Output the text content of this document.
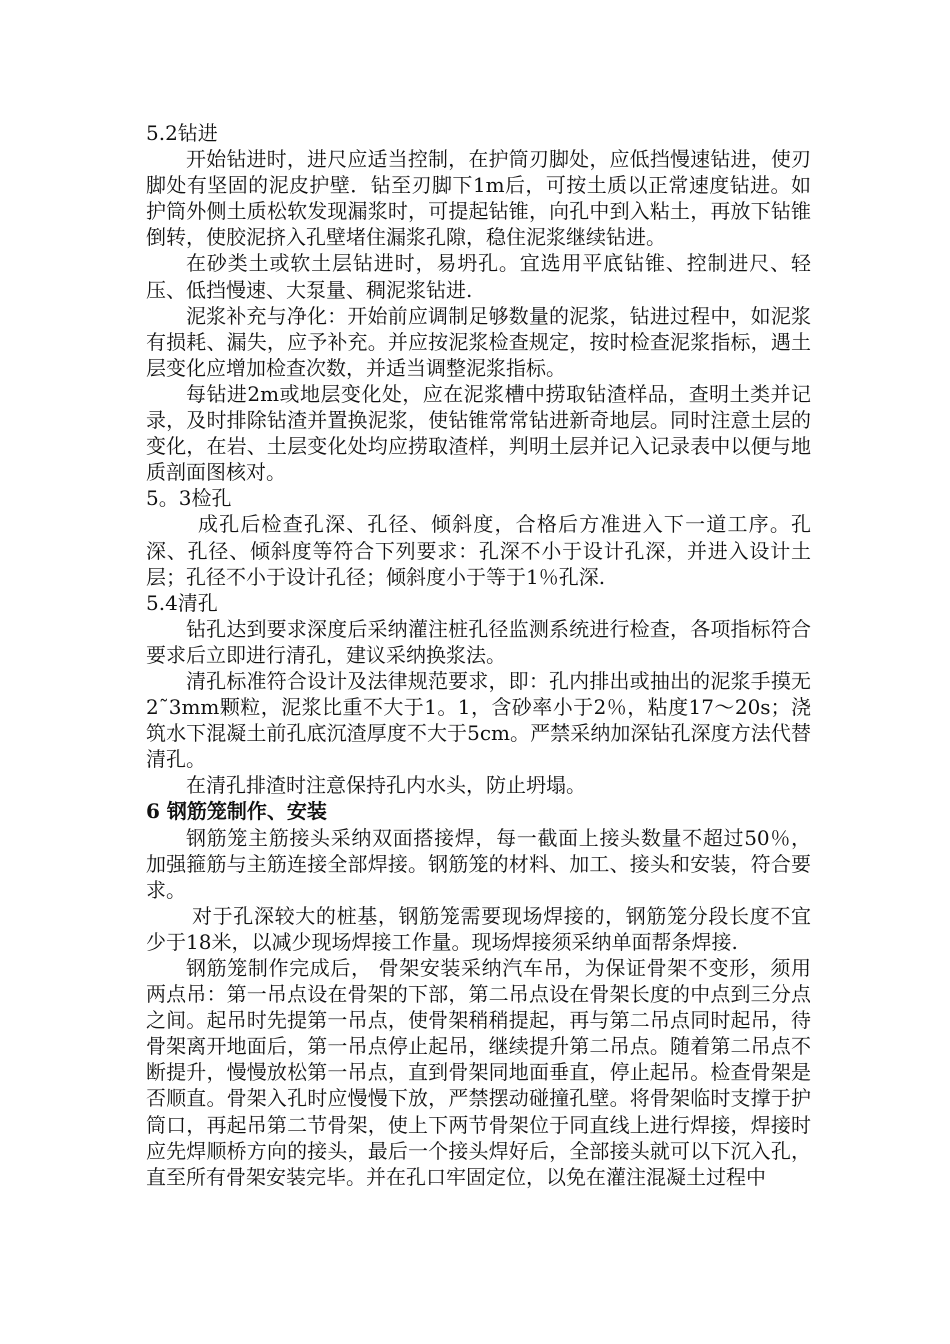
5.2钻进

开始钻进时，进尺应适当控制，在护筒刃脚处，应低挡慢速钻进，使刃脚处有坚固的泥皮护壁．钻至刃脚下1m后，可按土质以正常速度钻进。如护筒外侧土质松软发现漏浆时，可提起钻锥，向孔中到入粘土，再放下钻锥倒转，使胶泥挤入孔壁堵住漏浆孔隙，稳住泥浆继续钻进。

在砂类土或软土层钻进时，易坍孔。宜选用平底钻锥、控制进尺、轻压、低挡慢速、大泵量、稠泥浆钻进.

泥浆补充与净化：开始前应调制足够数量的泥浆，钻进过程中，如泥浆有损耗、漏失，应予补充。并应按泥浆检查规定，按时检查泥浆指标，遇土层变化应增加检查次数，并适当调整泥浆指标。

每钻进2m或地层变化处，应在泥浆槽中捞取钻渣样品，查明土类并记录，及时排除钻渣并置换泥浆，使钻锥常常钻进新奇地层。同时注意土层的变化，在岩、土层变化处均应捞取渣样，判明土层并记入记录表中以便与地质剖面图核对。

5。3检孔

成孔后检查孔深、孔径、倾斜度，合格后方准进入下一道工序。孔深、孔径、倾斜度等符合下列要求：孔深不小于设计孔深，并进入设计土层；孔径不小于设计孔径；倾斜度小于等于1％孔深.

5.4清孔

钻孔达到要求深度后采纳灌注桩孔径监测系统进行检查，各项指标符合要求后立即进行清孔，建议采纳换浆法。

清孔标准符合设计及法律规范要求，即：孔内排出或抽出的泥浆手摸无2˜3mm颗粒，泥浆比重不大于1。1，含砂率小于2％，粘度17～20s；浇筑水下混凝土前孔底沉渣厚度不大于5cm。严禁采纳加深钻孔深度方法代替清孔。

在清孔排渣时注意保持孔内水头，防止坍塌。

6 钢筋笼制作、安装

钢筋笼主筋接头采纳双面搭接焊，每一截面上接头数量不超过50％，加强箍筋与主筋连接全部焊接。钢筋笼的材料、加工、接头和安装，符合要求。

对于孔深较大的桩基，钢筋笼需要现场焊接的，钢筋笼分段长度不宜少于18米，以减少现场焊接工作量。现场焊接须采纳单面帮条焊接.

钢筋笼制作完成后， 骨架安装采纳汽车吊，为保证骨架不变形，须用两点吊：第一吊点设在骨架的下部，第二吊点设在骨架长度的中点到三分点之间。起吊时先提第一吊点，使骨架稍稍提起，再与第二吊点同时起吊，待骨架离开地面后，第一吊点停止起吊，继续提升第二吊点。随着第二吊点不断提升，慢慢放松第一吊点，直到骨架同地面垂直，停止起吊。检查骨架是否顺直。骨架入孔时应慢慢下放，严禁摆动碰撞孔壁。将骨架临时支撑于护筒口，再起吊第二节骨架，使上下两节骨架位于同直线上进行焊接，焊接时应先焊顺桥方向的接头，最后一个接头焊好后，全部接头就可以下沉入孔，直至所有骨架安装完毕。并在孔口牢固定位，以免在灌注混凝土过程中
